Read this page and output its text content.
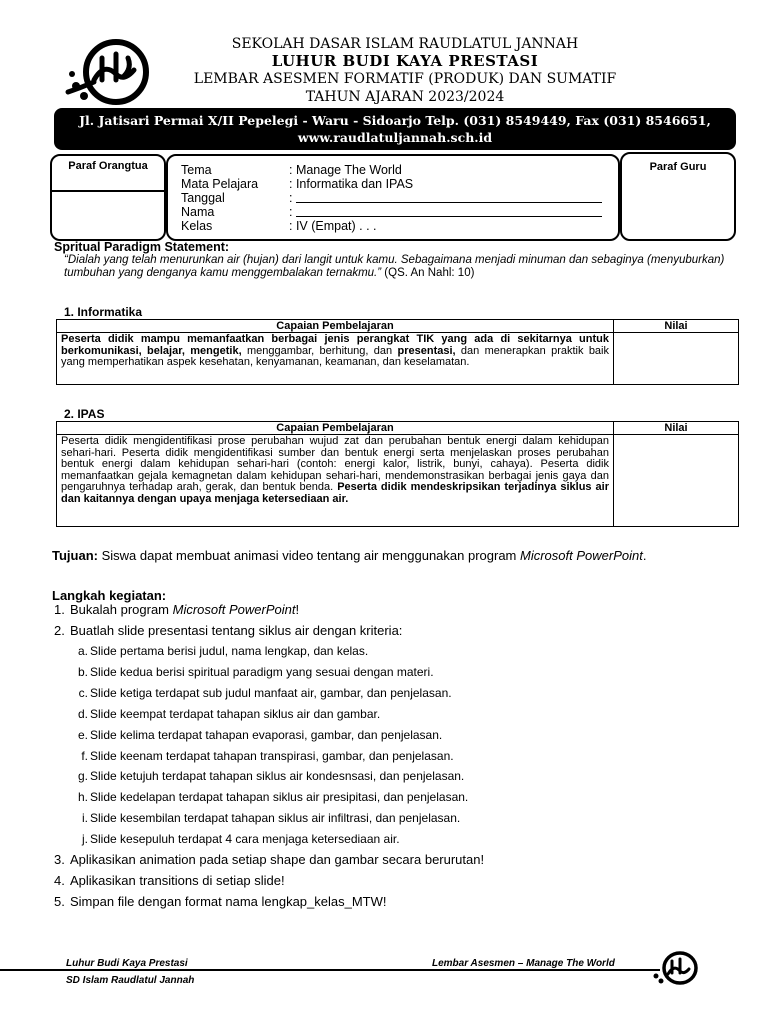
SEKOLAH DASAR ISLAM RAUDLATUL JANNAH
LUHUR BUDI KAYA PRESTASI
LEMBAR ASESMEN FORMATIF (PRODUK) DAN SUMATIF
TAHUN AJARAN 2023/2024
Jl. Jatisari Permai X/II Pepelegi - Waru - Sidoarjo Telp. (031) 8549449, Fax (031) 8546651,
www.raudlatuljannah.sch.id
Paraf Orangtua	Tema	: Manage The World
Mata Pelajara	: Informatika dan IPAS
Tanggal	:
Nama	:
Kelas	: IV (Empat) . . .
Paraf Guru
Spritual Paradigm Statement:
“Dialah yang telah menurunkan air (hujan) dari langit untuk kamu. Sebagaimana menjadi minuman dan sebaginya (menyuburkan) tumbuhan yang denganya kamu menggembalakan ternakmu.” (QS. An Nahl: 10)
1. Informatika
Capaian Pembelajaran	Nilai
Peserta didik mampu memanfaatkan berbagai jenis perangkat TIK yang ada di sekitarnya untuk berkomunikasi, belajar, mengetik, menggambar, berhitung, dan presentasi, dan menerapkan praktik baik yang memperhatikan aspek kesehatan, kenyamanan, keamanan, dan keselamatan.	
2. IPAS
Capaian Pembelajaran	Nilai
Peserta didik mengidentifikasi prose perubahan wujud zat dan perubahan bentuk energi dalam kehidupan sehari-hari. Peserta didik mengidentifikasi sumber dan bentuk energi serta menjelaskan proses perubahan bentuk energi dalam kehidupan sehari-hari (contoh: energi kalor, listrik, bunyi, cahaya). Peserta didik memanfaatkan gejala kemagnetan dalam kehidupan sehari-hari, mendemonstrasikan berbagai jenis gaya dan pengaruhnya terhadap arah, gerak, dan bentuk benda. Peserta didik mendeskripsikan terjadinya siklus air dan kaitannya dengan upaya menjaga ketersediaan air.	
Tujuan: Siswa dapat membuat animasi video tentang air menggunakan program Microsoft PowerPoint.
Langkah kegiatan:
1. Bukalah program Microsoft PowerPoint!
2. Buatlah slide presentasi tentang siklus air dengan kriteria:
a. Slide pertama berisi judul, nama lengkap, dan kelas.
b. Slide kedua berisi spiritual paradigm yang sesuai dengan materi.
c. Slide ketiga terdapat sub judul manfaat air, gambar, dan penjelasan.
d. Slide keempat terdapat tahapan siklus air dan gambar.
e. Slide kelima terdapat tahapan evaporasi, gambar, dan penjelasan.
f. Slide keenam terdapat tahapan transpirasi, gambar, dan penjelasan.
g. Slide ketujuh terdapat tahapan siklus air kondesnsasi, dan penjelasan.
h. Slide kedelapan terdapat tahapan siklus air presipitasi, dan penjelasan.
i. Slide kesembilan terdapat tahapan siklus air infiltrasi, dan penjelasan.
j. Slide kesepuluh terdapat 4 cara menjaga ketersediaan air.
3. Aplikasikan animation pada setiap shape dan gambar secara berurutan!
4. Aplikasikan transitions di setiap slide!
5. Simpan file dengan format nama lengkap_kelas_MTW!
Luhur Budi Kaya Prestasi
SD Islam Raudlatul Jannah
Lembar Asesmen – Manage The World
